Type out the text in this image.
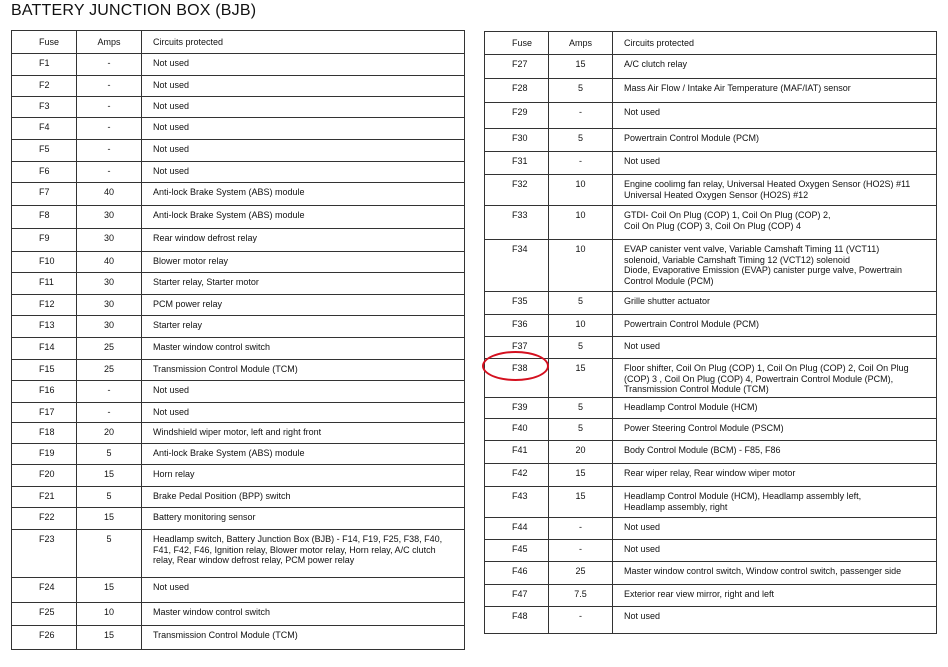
BATTERY JUNCTION BOX (BJB)
Fuse	Amps	Circuits protected
F1	-	Not used

F2	-	Not used

F3	-	Not used

F4	-	Not used

F5	-	Not used

F6	-	Not used

F7	40	Anti-lock Brake System (ABS) module

F8	30	Anti-lock Brake System (ABS) module

F9	30	Rear window defrost relay

F10	40	Blower motor relay

F11	30	Starter relay, Starter motor

F12	30	PCM power relay

F13	30	Starter relay

F14	25	Master window control switch

F15	25	Transmission Control Module (TCM)

F16	-	Not used

F17	-	Not used

F18	20	Windshield wiper motor, left and right front

F19	5	Anti-lock Brake System (ABS) module

F20	15	Horn relay

F21	5	Brake Pedal Position (BPP) switch

F22	15	Battery monitoring sensor

F23	5	Headlamp switch, Battery Junction Box (BJB) - F14, F19, F25, F38, F40,
F41, F42, F46, Ignition relay, Blower motor relay, Horn relay, A/C clutch
relay, Rear window defrost relay, PCM power relay

F24	15	Not used

F25	10	Master window control switch

F26	15	Transmission Control Module (TCM)
Fuse	Amps	Circuits protected
F27	15	A/C clutch relay

F28	5	Mass Air Flow / Intake Air Temperature (MAF/IAT) sensor

F29	-	Not used

F30	5	Powertrain Control Module (PCM)

F31	-	Not used

F32	10	Engine coolimg fan relay, Universal Heated Oxygen Sensor (HO2S) #11
Universal Heated Oxygen Sensor (HO2S) #12

F33	10	GTDI- Coil On Plug (COP) 1, Coil On Plug (COP) 2,
Coil On Plug (COP) 3, Coil On Plug (COP) 4

F34	10	EVAP canister vent valve, Variable Camshaft Timing 11 (VCT11)
solenoid, Variable Camshaft Timing 12 (VCT12) solenoid
Diode, Evaporative Emission (EVAP) canister purge valve, Powertrain
Control Module (PCM)

F35	5	Grille shutter actuator

F36	10	Powertrain Control Module (PCM)

F37	5	Not used

F38	15	Floor shifter, Coil On Plug (COP) 1, Coil On Plug (COP) 2, Coil On Plug
(COP) 3 , Coil On Plug (COP) 4, Powertrain Control Module (PCM),
Transmission Control Module (TCM)

F39	5	Headlamp Control Module (HCM)

F40	5	Power Steering Control Module (PSCM)

F41	20	Body Control Module (BCM) - F85, F86

F42	15	Rear wiper relay, Rear window wiper motor

F43	15	Headlamp Control Module (HCM), Headlamp assembly left,
Headlamp assembly, right

F44	-	Not used

F45	-	Not used

F46	25	Master window control switch, Window control switch, passenger side

F47	7.5	Exterior rear view mirror, right and left

F48	-	Not used
